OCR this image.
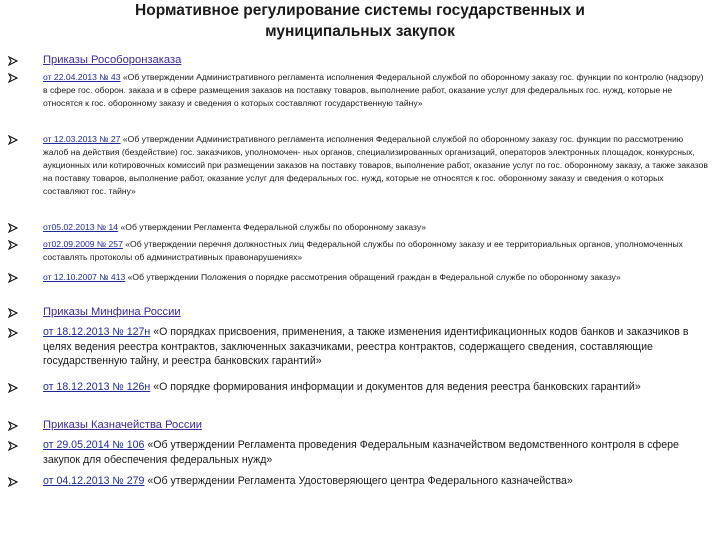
Нормативное регулирование системы государственных и
муниципальных закупок
Приказы Рособоронзаказа
от 22.04.2013 № 43 «Об утверждении Административного регламента исполнения Федеральной службой по оборонному заказу гос. функции по контролю (надзору) в сфере гос. оборон. заказа и в сфере размещения заказов на поставку товаров, выполнение работ, оказание услуг для федеральных гос. нужд, которые не относятся к гос. оборонному заказу и сведения о которых составляют государственную тайну»
от 12.03.2013 № 27 «Об утверждении Административного регламента исполнения Федеральной службой по оборонному заказу гос. функции по рассмотрению жалоб на действия (бездействие) гос. заказчиков, уполномочен- ных органов, специализированных организаций, операторов электронных площадок, конкурсных, аукционных или котировочных комиссий при размещении заказов на поставку товаров, выполнение работ, оказание услуг по гос. оборонному заказу, а также заказов на поставку товаров, выполнение работ, оказание услуг для федеральных гос. нужд, которые не относятся к гос. оборонному заказу и сведения о которых составляют гос. тайну»
от05.02.2013 № 14 «Об утверждении Регламента Федеральной службы по оборонному заказу»
от02.09.2009 № 257 «Об утверждении перечня должностных лиц Федеральной службы по оборонному заказу и ее территориальных органов, уполномоченных составлять протоколы об административных правонарушениях»
от 12.10.2007 № 413 «Об утверждении Положения о порядке рассмотрения обращений граждан в Федеральной службе по оборонному заказу»
Приказы Минфина России
от 18.12.2013 № 127н «О порядках присвоения, применения, а также изменения идентификационных кодов банков и заказчиков в целях ведения реестра контрактов, заключенных заказчиками, реестра контрактов, содержащего сведения, составляющие государственную тайну, и реестра банковских гарантий»
от 18.12.2013 № 126н «О порядке формирования информации и документов для ведения реестра банковских гарантий»
Приказы Казначейства России
от 29.05.2014 № 106 «Об утверждении Регламента проведения Федеральным казначейством ведомственного контроля в сфере закупок для обеспечения федеральных нужд»
от 04.12.2013 № 279 «Об утверждении Регламента Удостоверяющего центра Федерального казначейства»
